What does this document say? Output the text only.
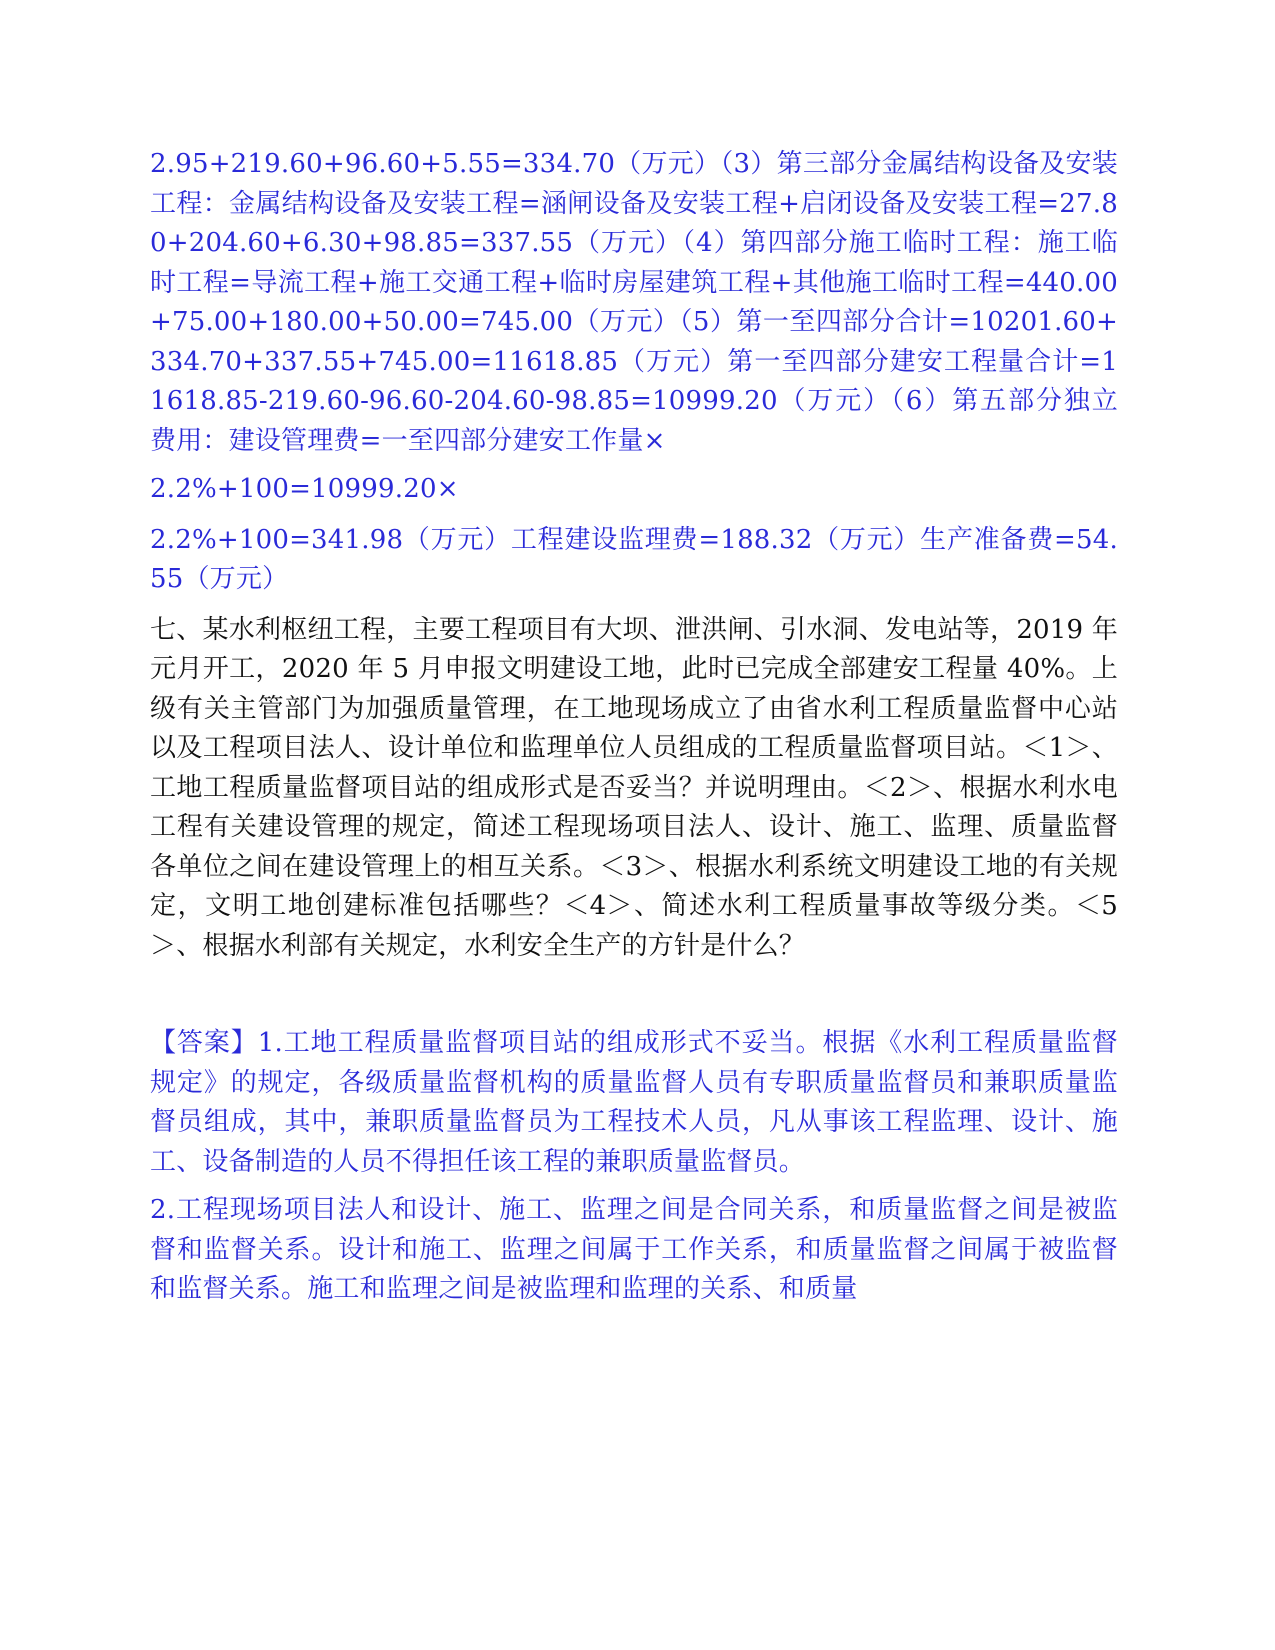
2.95+219.60+96.60+5.55=334.70（万元）（3）第三部分金属结构设备及安装工程：金属结构设备及安装工程=涵闸设备及安装工程+启闭设备及安装工程=27.80+204.60+6.30+98.85=337.55（万元）（4）第四部分施工临时工程：施工临时工程=导流工程+施工交通工程+临时房屋建筑工程+其他施工临时工程=440.00+75.00+180.00+50.00=745.00（万元）（5）第一至四部分合计=10201.60+334.70+337.55+745.00=11618.85（万元）第一至四部分建安工程量合计=11618.85-219.60-96.60-204.60-98.85=10999.20（万元）（6）第五部分独立费用：建设管理费=一至四部分建安工作量×

2.2%+100=10999.20×

2.2%+100=341.98（万元）工程建设监理费=188.32（万元）生产准备费=54.55（万元）

七、某水利枢纽工程，主要工程项目有大坝、泄洪闸、引水洞、发电站等，2019 年元月开工，2020 年 5 月申报文明建设工地，此时已完成全部建安工程量 40%。上级有关主管部门为加强质量管理，在工地现场成立了由省水利工程质量监督中心站以及工程项目法人、设计单位和监理单位人员组成的工程质量监督项目站。＜1＞、工地工程质量监督项目站的组成形式是否妥当？并说明理由。＜2＞、根据水利水电工程有关建设管理的规定，简述工程现场项目法人、设计、施工、监理、质量监督各单位之间在建设管理上的相互关系。＜3＞、根据水利系统文明建设工地的有关规定，文明工地创建标准包括哪些？＜4＞、简述水利工程质量事故等级分类。＜5＞、根据水利部有关规定，水利安全生产的方针是什么？

【答案】1.工地工程质量监督项目站的组成形式不妥当。根据《水利工程质量监督规定》的规定，各级质量监督机构的质量监督人员有专职质量监督员和兼职质量监督员组成，其中，兼职质量监督员为工程技术人员，凡从事该工程监理、设计、施工、设备制造的人员不得担任该工程的兼职质量监督员。

2.工程现场项目法人和设计、施工、监理之间是合同关系，和质量监督之间是被监督和监督关系。设计和施工、监理之间属于工作关系，和质量监督之间属于被监督和监督关系。施工和监理之间是被监理和监理的关系、和质量
